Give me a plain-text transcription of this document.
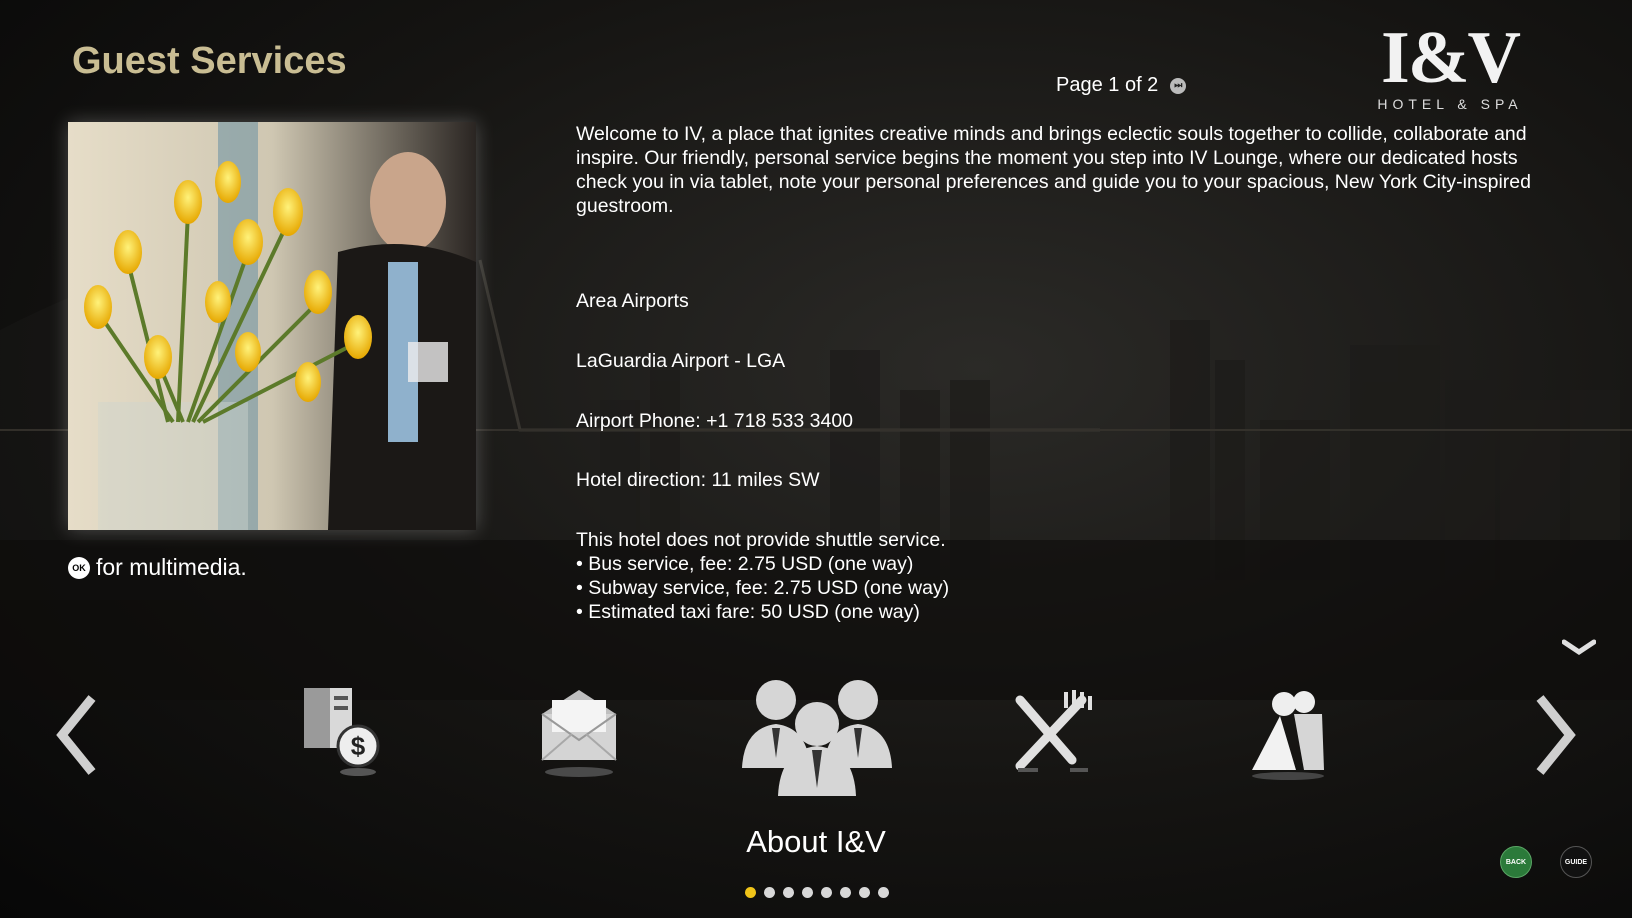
Guest Services
Page 1 of 2	⏭	I&V
HOTEL & SPA
OK for multimedia.

Welcome to IV, a place that ignites creative minds and brings eclectic souls together to collide, collaborate and inspire. Our friendly, personal service begins the moment you step into IV Lounge, where our dedicated hosts check you in via tablet, note your personal preferences and guide you to your spacious, New York City-inspired guestroom.

Area Airports
LaGuardia Airport - LGA
Airport Phone: +1 718 533 3400
Hotel direction: 11 miles SW
This hotel does not provide shuttle service.
• Bus service, fee: 2.75 USD (one way)
• Subway service, fee: 2.75 USD (one way)
• Estimated taxi fare: 50 USD (one way)
$
About I&V
BACK	GUIDE
